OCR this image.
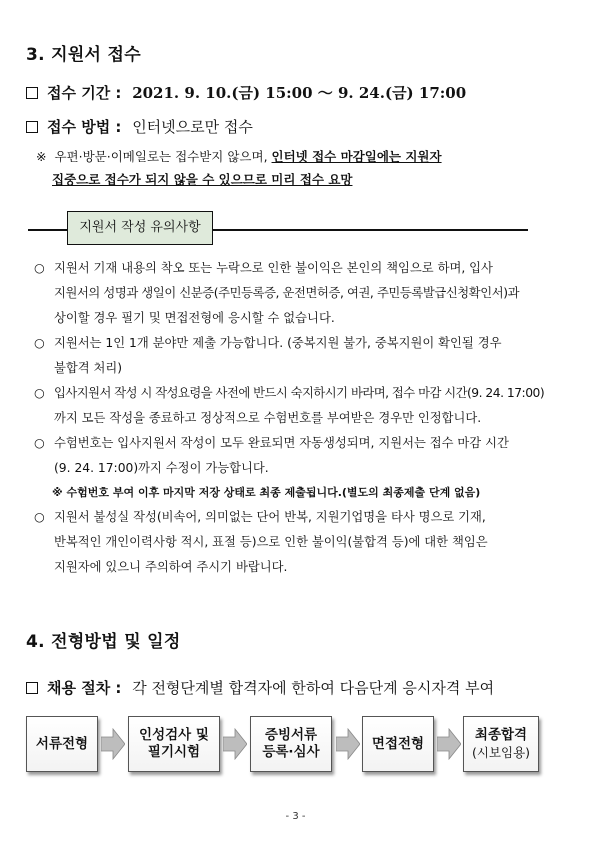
3. 지원서 접수
접수 기간 : 2021. 9. 10.(금) 15:00 ～ 9. 24.(금) 17:00
접수 방법 : 인터넷으로만 접수
※ 우편·방문·이메일로는 접수받지 않으며, 인터넷 접수 마감일에는 지원자
집중으로 접수가 되지 않을 수 있으므로 미리 접수 요망
지원서 작성 유의사항
○ 지원서 기재 내용의 착오 또는 누락으로 인한 불이익은 본인의 책임으로 하며, 입사
지원서의 성명과 생일이 신분증(주민등록증, 운전면허증, 여권, 주민등록발급신청확인서)과
상이할 경우 필기 및 면접전형에 응시할 수 없습니다.
○ 지원서는 1인 1개 분야만 제출 가능합니다. (중복지원 불가, 중복지원이 확인될 경우
불합격 처리)
○ 입사지원서 작성 시 작성요령을 사전에 반드시 숙지하시기 바라며, 접수 마감 시간(9. 24. 17:00)
까지 모든 작성을 종료하고 정상적으로 수험번호를 부여받은 경우만 인정합니다.
○ 수험번호는 입사지원서 작성이 모두 완료되면 자동생성되며, 지원서는 접수 마감 시간
(9. 24. 17:00)까지 수정이 가능합니다.
※ 수험번호 부여 이후 마지막 저장 상태로 최종 제출됩니다.(별도의 최종제출 단계 없음)
○ 지원서 불성실 작성(비속어, 의미없는 단어 반복, 지원기업명을 타사 명으로 기재,
반복적인 개인이력사항 적시, 표절 등)으로 인한 불이익(불합격 등)에 대한 책임은
지원자에 있으니 주의하여 주시기 바랍니다.
4. 전형방법 및 일정
채용 절차 : 각 전형단계별 합격자에 한하여 다음단계 응시자격 부여
서류전형
인성검사 및
필기시험
증빙서류
등록·심사
면접전형
최종합격
(시보임용)
- 3 -
